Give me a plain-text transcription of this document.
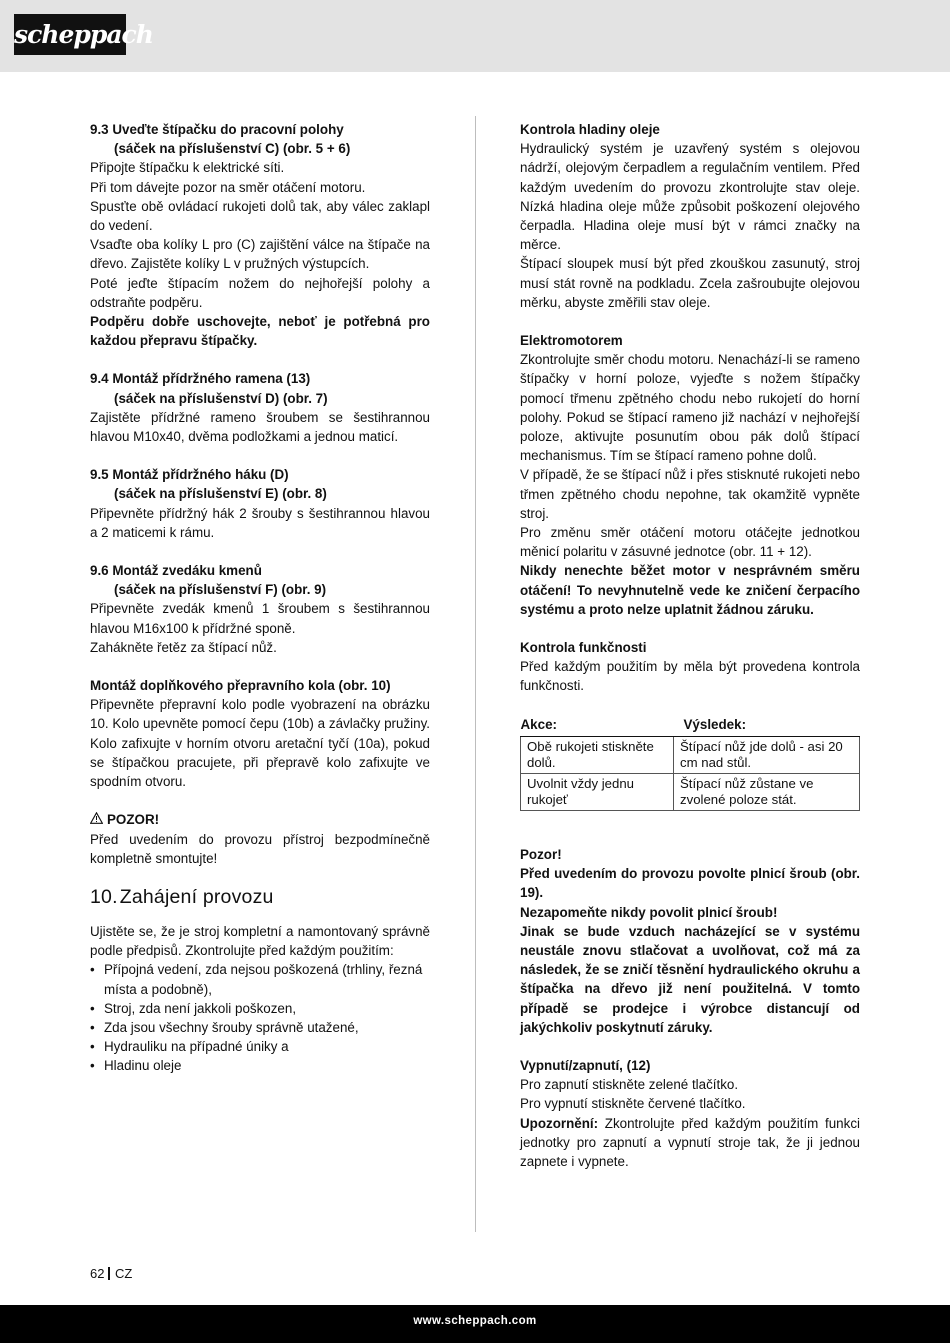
scheppach
9.3 Uveďte štípačku do pracovní polohy
(sáček na příslušenství C) (obr. 5 + 6)

Připojte štípačku k elektrické síti.

Při tom dávejte pozor na směr otáčení motoru.

Spusťte obě ovládací rukojeti dolů tak, aby válec zaklapl do vedení.

Vsaďte oba kolíky L pro (C) zajištění válce na štípače na dřevo. Zajistěte kolíky L v pružných výstupcích.

Poté jeďte štípacím nožem do nejhořejší polohy a odstraňte podpěru.

Podpěru dobře uschovejte, neboť je potřebná pro každou přepravu štípačky.

9.4 Montáž přídržného ramena (13)
(sáček na příslušenství D) (obr. 7)

Zajistěte přídržné rameno šroubem se šestihrannou hlavou M10x40, dvěma podložkami a jednou maticí.

9.5 Montáž přídržného háku (D)
(sáček na příslušenství E) (obr. 8)

Připevněte přídržný hák 2 šrouby s šestihrannou hlavou a 2 maticemi k rámu.

9.6 Montáž zvedáku kmenů
(sáček na příslušenství F) (obr. 9)

Připevněte zvedák kmenů 1 šroubem s šestihrannou hlavou M16x100 k přídržné sponě.

Zahákněte řetěz za štípací nůž.

Montáž doplňkového přepravního kola (obr. 10)

Připevněte přepravní kolo podle vyobrazení na obrázku 10. Kolo upevněte pomocí čepu (10b) a závlačky pružiny. Kolo zafixujte v horním otvoru aretační tyčí (10a), pokud se štípačkou pracujete, při přepravě kolo zafixujte ve spodním otvoru.

POZOR!

Před uvedením do provozu přístroj bezpodmínečně kompletně smontujte!

10. Zahájení provozu

Ujistěte se, že je stroj kompletní a namontovaný správně podle předpisů. Zkontrolujte před každým použitím:

• Přípojná vedení, zda nejsou poškozená (trhliny, řezná místa a podobně),
• Stroj, zda není jakkoli poškozen,
• Zda jsou všechny šrouby správně utažené,
• Hydrauliku na případné úniky a
• Hladinu oleje

Kontrola hladiny oleje

Hydraulický systém je uzavřený systém s olejovou nádrží, olejovým čerpadlem a regulačním ventilem. Před každým uvedením do provozu zkontrolujte stav oleje. Nízká hladina oleje může způsobit poškození olejového čerpadla. Hladina oleje musí být v rámci značky na měrce.

Štípací sloupek musí být před zkouškou zasunutý, stroj musí stát rovně na podkladu. Zcela zašroubujte olejovou měrku, abyste změřili stav oleje.

Elektromotorem

Zkontrolujte směr chodu motoru. Nenachází-li se rameno štípačky v horní poloze, vyjeďte s nožem štípačky pomocí třmenu zpětného chodu nebo rukojetí do horní polohy. Pokud se štípací rameno již nachází v nejhořejší poloze, aktivujte posunutím obou pák dolů štípací mechanismus. Tím se štípací rameno pohne dolů.

V případě, že se štípací nůž i přes stisknuté rukojeti nebo třmen zpětného chodu nepohne, tak okamžitě vypněte stroj.

Pro změnu směr otáčení motoru otáčejte jednotkou měnicí polaritu v zásuvné jednotce (obr. 11 + 12).

Nikdy nenechte běžet motor v nesprávném směru otáčení! To nevyhnutelně vede ke zničení čerpacího systému a proto nelze uplatnit žádnou záruku.

Kontrola funkčnosti

Před každým použitím by měla být provedena kontrola funkčnosti.

Akce:	Výsledek:
Obě rukojeti stiskněte dolů.	Štípací nůž jde dolů - asi 20 cm nad stůl.
Uvolnit vždy jednu rukojeť	Štípací nůž zůstane ve zvolené poloze stát.

Pozor!

Před uvedením do provozu povolte plnicí šroub (obr. 19).

Nezapomeňte nikdy povolit plnicí šroub!

Jinak se bude vzduch nacházející se v systému neustále znovu stlačovat a uvolňovat, což má za následek, že se zničí těsnění hydraulického okruhu a štípačka na dřevo již není použitelná. V tomto případě se prodejce i výrobce distancují od jakýchkoliv poskytnutí záruky.

Vypnutí/zapnutí, (12)

Pro zapnutí stiskněte zelené tlačítko.

Pro vypnutí stiskněte červené tlačítko.

Upozornění: Zkontrolujte před každým použitím funkci jednotky pro zapnutí a vypnutí stroje tak, že ji jednou zapnete i vypnete.

62 CZ
www.scheppach.com
